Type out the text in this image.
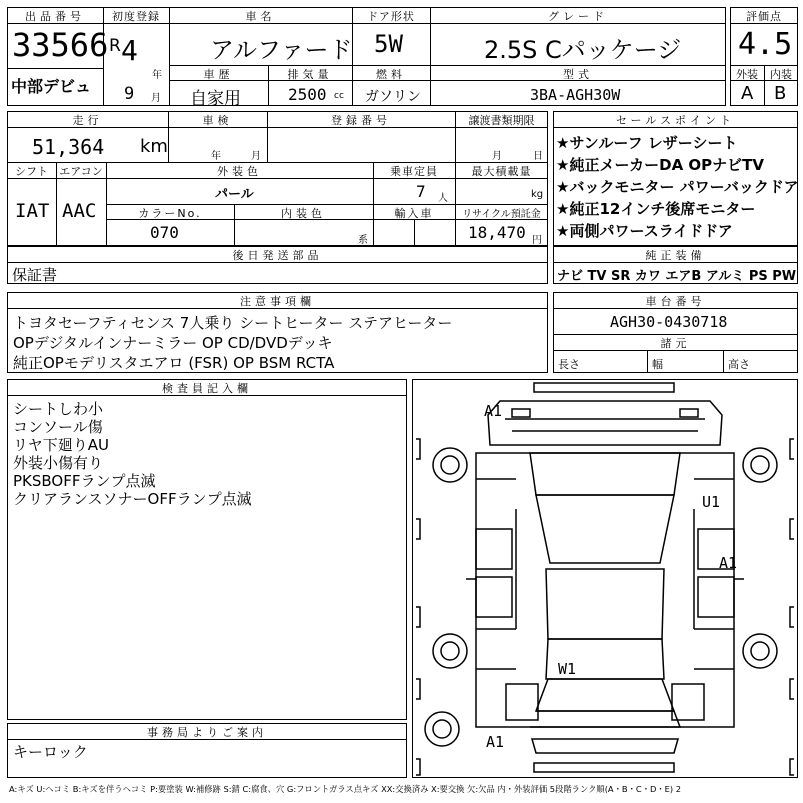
出品番号
33566
中部デビュ
初度登録
R 4
年
9 月
車名
アルファード
ドア形状
5W
グレード
2.5S Cパッケージ
評価点
4.5
外装	内装
A B
車歴
自家用
排気量
2500 cc
燃料
ガソリン
型式
3BA-AGH30W
走行
51,364 km
車検
年	月
登録番号	譲渡書類期限
月	日
シフト
IAT
エアコン
AAC
外装色
パール
乗車定員
7 人
最大積載量
kg
カラーNo.
070
内装色
系
輸入車	リサイクル預託金
18,470 円
セールスポイント
★サンルーフ レザーシート
★純正メーカーDA OPナビTV
★バックモニター パワーバックドア
★純正12インチ後席モニター
★両側パワースライドドア
後日発送部品
保証書
純正装備
ナビ TV SR カワ エアB アルミ PS PW
注意事項欄
トヨタセーフティセンス 7人乗り シートヒーター ステアヒーター
OPデジタルインナーミラー OP CD/DVDデッキ
純正OPモデリスタエアロ (FSR) OP BSM RCTA
車台番号
AGH30-0430718
諸元
長さ	幅	高さ
検査員記入欄
シートしわ小
コンソール傷
リヤ下廻りAU
外装小傷有り
PKSBOFFランプ点滅
クリアランスソナーOFFランプ点滅
事務局よりご案内
キーロック
A1
U1
A1
W1
A1
A:キズ U:ヘコミ B:キズを伴うヘコミ P:要塗装 W:補修跡 S:錆 C:腐食、穴 G:フロントガラス点キズ XX:交換済み X:要交換 欠:欠品 内・外装評価 5段階ランク順(A・B・C・D・E) 2
